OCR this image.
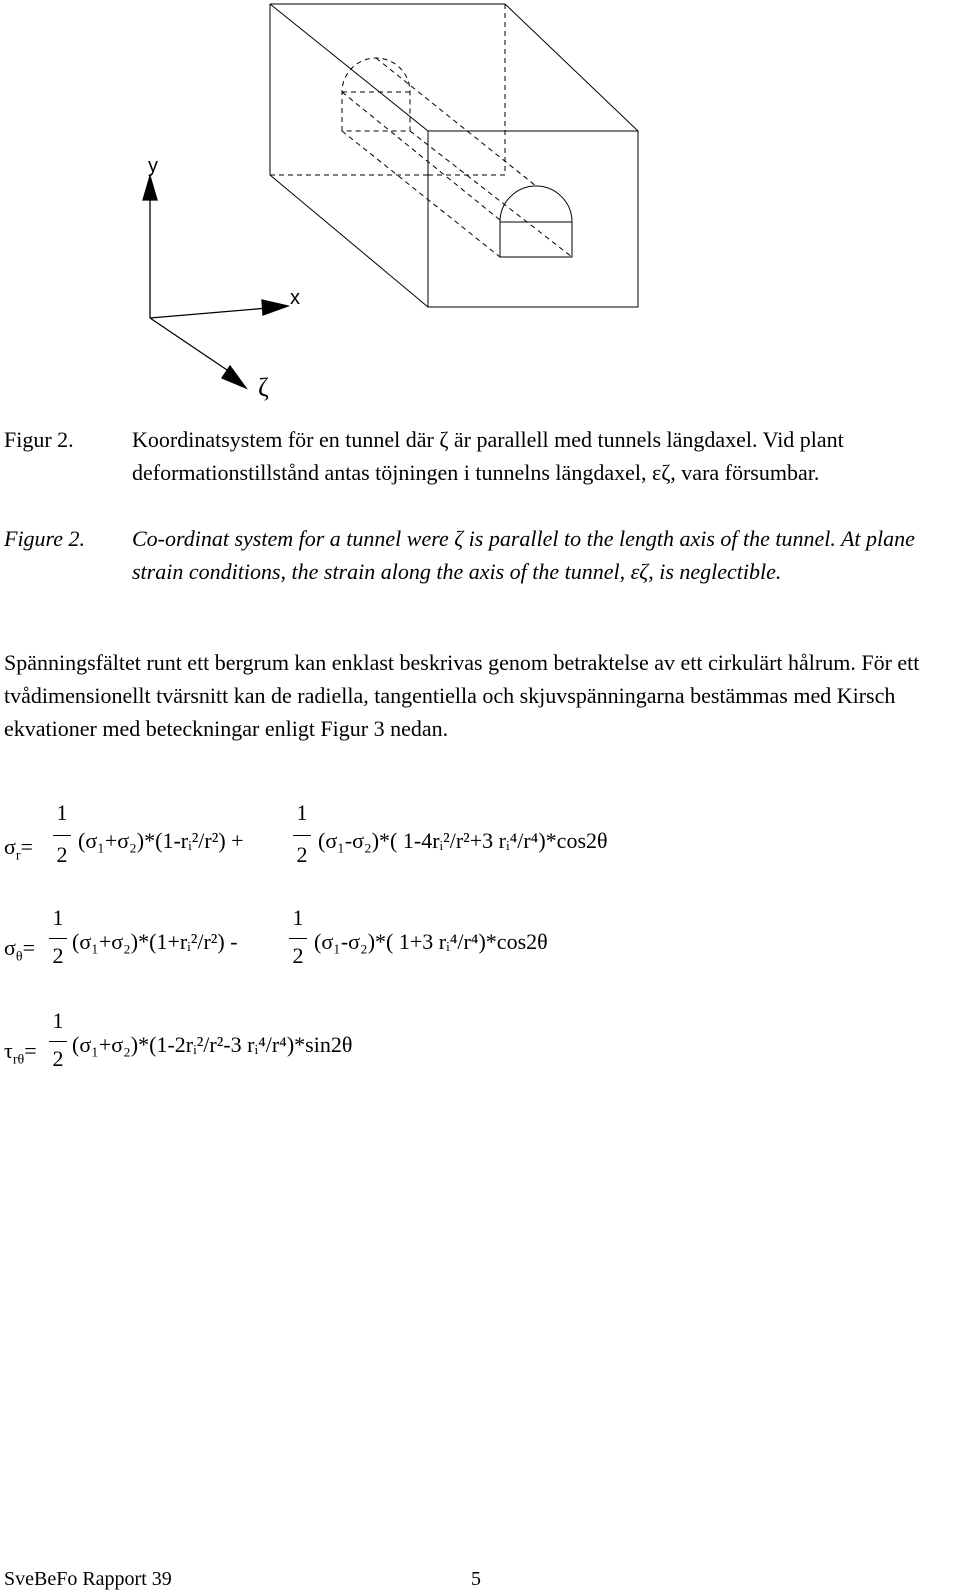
y
x
ζ
Figur 2.	Koordinatsystem för en tunnel där ζ är parallell med tunnels längdaxel. Vid plant deformationstillstånd antas töjningen i tunnelns längdaxel, εζ, vara försumbar.
Figure 2. Co-ordinat system for a tunnel were ζ is parallel to the length axis of the tunnel. At plane strain conditions, the strain along the axis of the tunnel, εζ, is neglectible.
Spänningsfältet runt ett bergrum kan enklast beskrivas genom betraktelse av ett cirkulärt hålrum. För ett tvådimensionellt tvärsnitt kan de radiella, tangentiella och skjuvspänningarna bestämmas med Kirsch ekvationer med beteckningar enligt Figur 3 nedan.
$\sigma_r=$
1
2
(σ₁+σ₂)*(1-rᵢ²/r²) +
1
2
(σ₁-σ₂)*( 1-4rᵢ²/r²+3 rᵢ⁴/r⁴)*cos2θ
$\sigma_\theta=$
1
2
(σ₁+σ₂)*(1+rᵢ²/r²) -
1
2
(σ₁-σ₂)*( 1+3 rᵢ⁴/r⁴)*cos2θ
$\tau_{r\theta}=$
1
2
(σ₁+σ₂)*(1-2rᵢ²/r²-3 rᵢ⁴/r⁴)*sin2θ
SveBeFo Rapport 39	5
